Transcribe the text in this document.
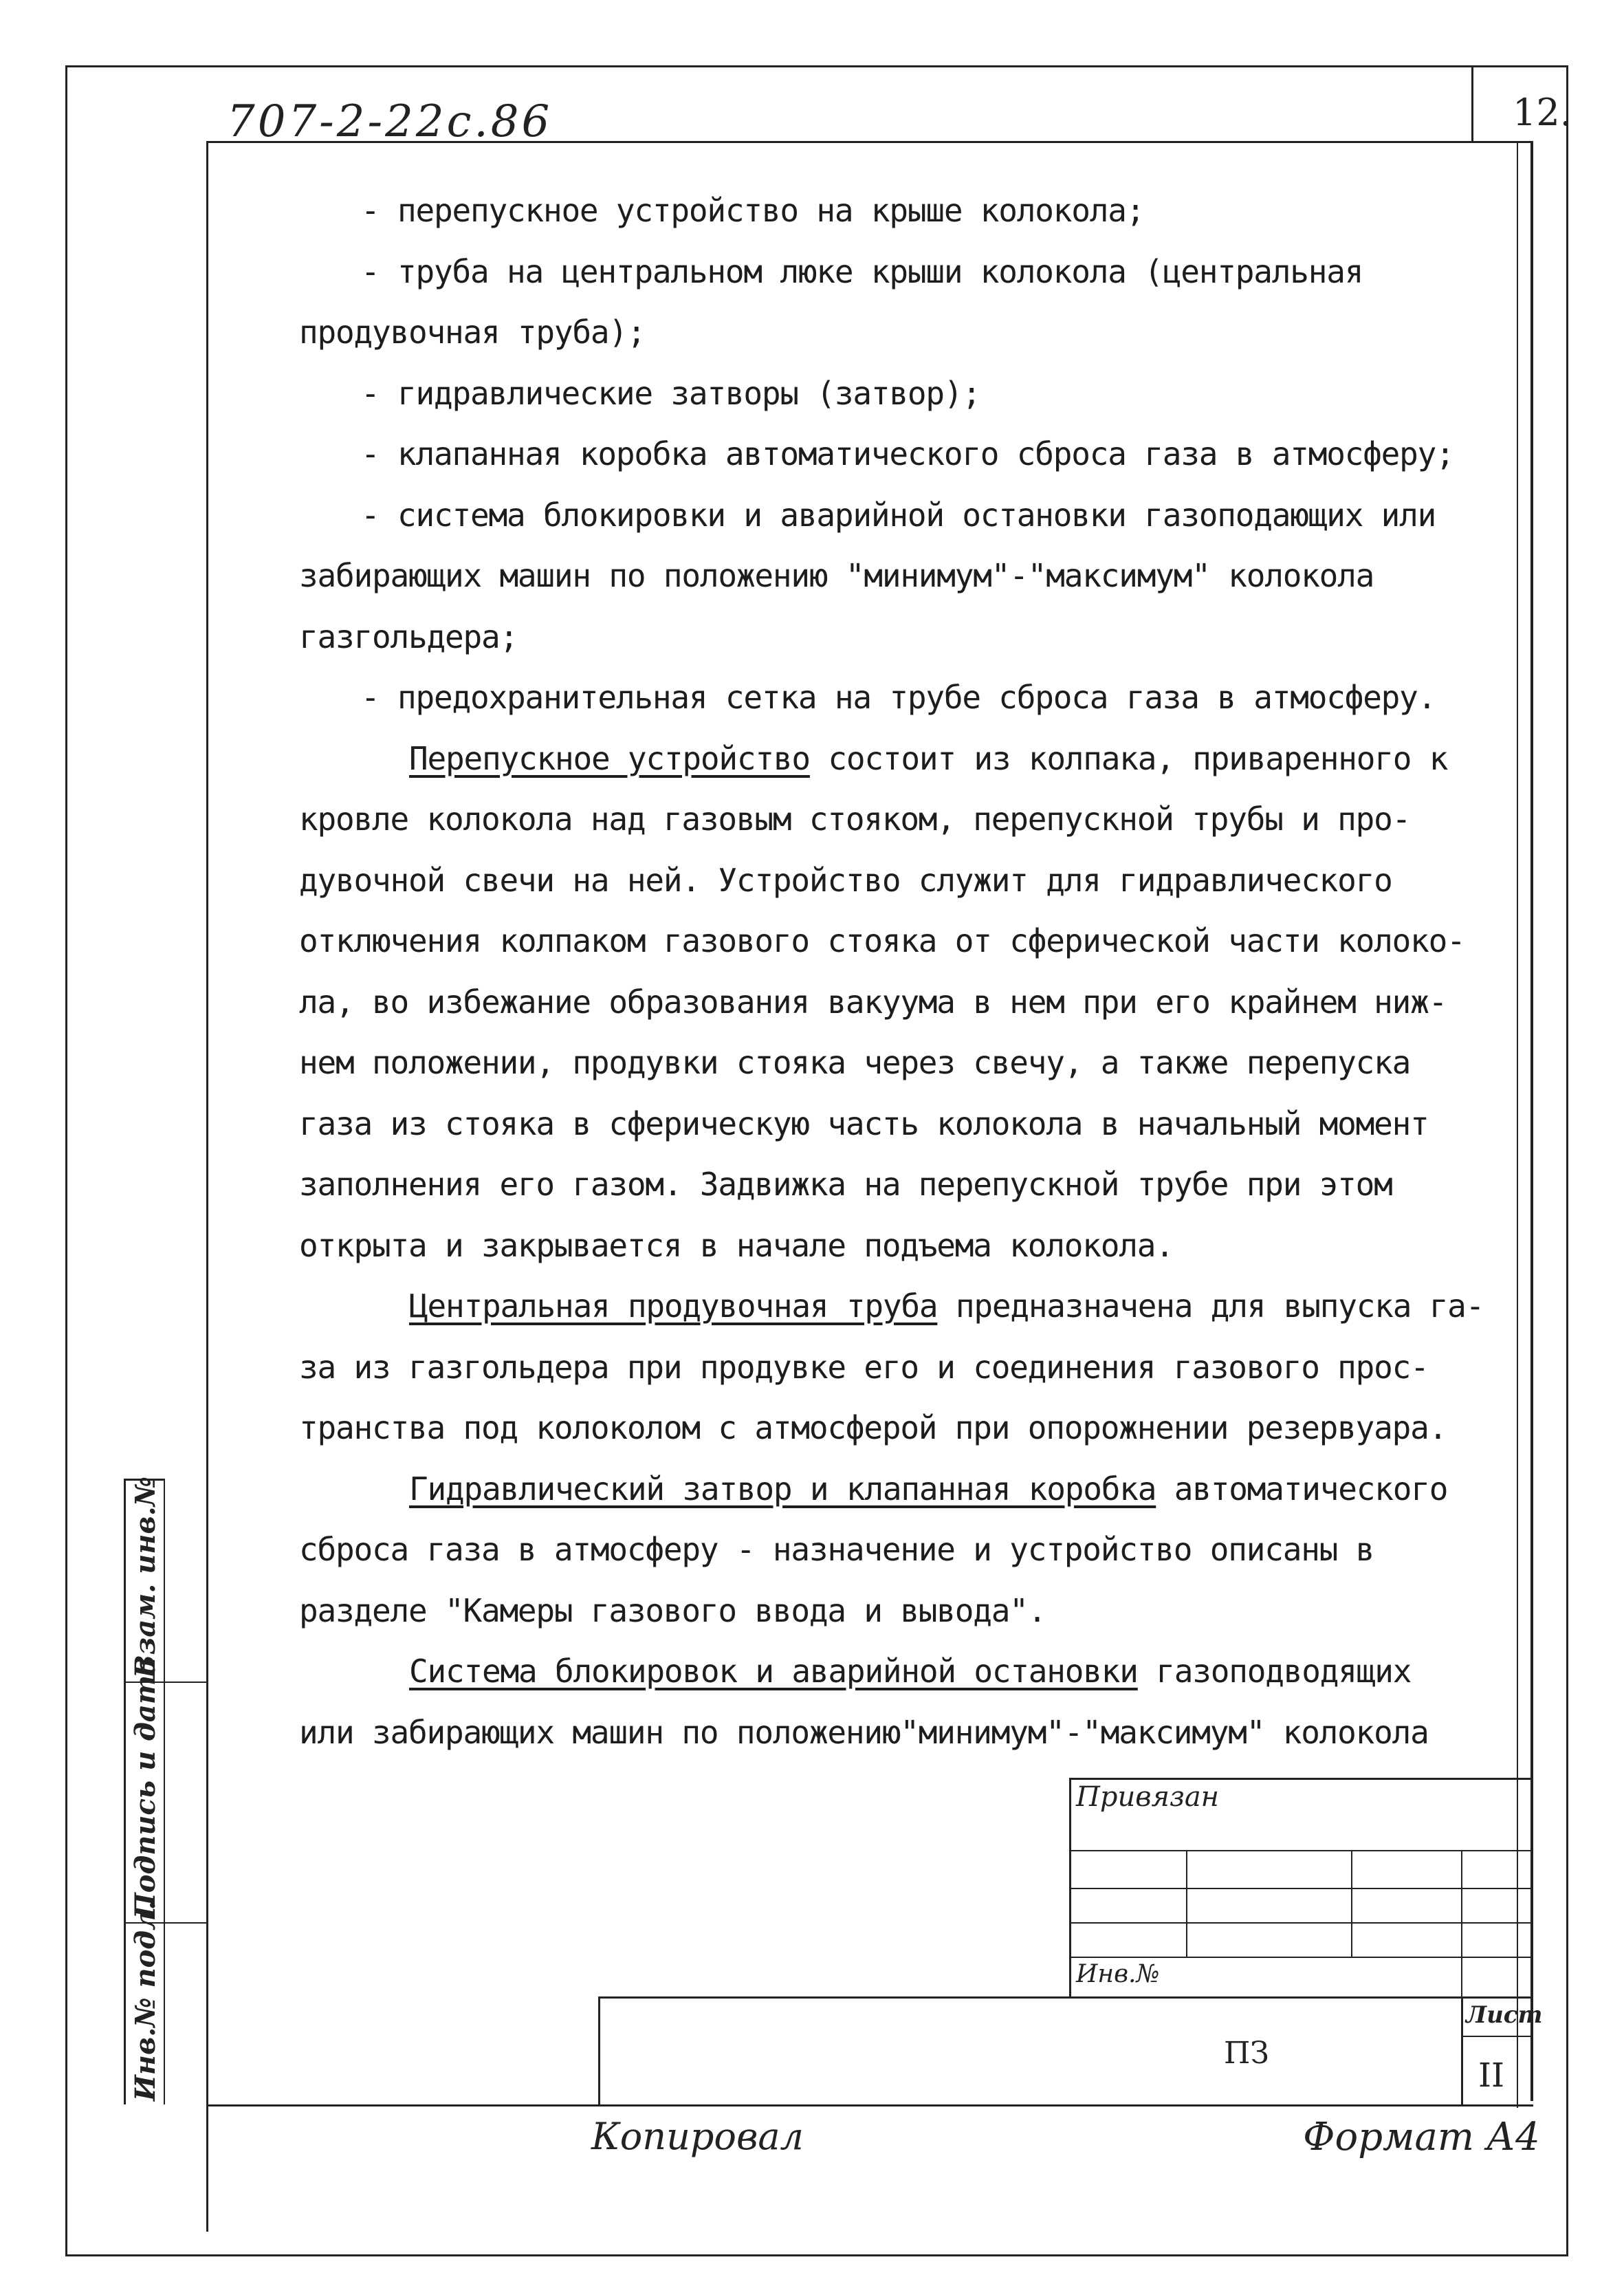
707-2-22с.86	12.
- перепускное устройство на крыше колокола;
- труба на центральном люке крыши колокола (центральная
продувочная труба);
- гидравлические затворы (затвор);
- клапанная коробка автоматического сброса газа в атмосферу;
- система блокировки и аварийной остановки газоподающих или
забирающих машин по положению "минимум"-"максимум" колокола
газгольдера;
- предохранительная сетка на трубе сброса газа в атмосферу.
Перепускное устройство состоит из колпака, приваренного к
кровле колокола над газовым стояком, перепускной трубы и про-
дувочной свечи на ней. Устройство служит для гидравлического
отключения колпаком газового стояка от сферической части колоко-
ла, во избежание образования вакуума в нем при его крайнем ниж-
нем положении, продувки стояка через свечу, а также перепуска
газа из стояка в сферическую часть колокола в начальный момент
заполнения его газом. Задвижка на перепускной трубе при этом
открыта и закрывается в начале подъема колокола.
Центральная продувочная труба предназначена для выпуска га-
за из газгольдера при продувке его и соединения газового прос-
транства под колоколом с атмосферой при опорожнении резервуара.
Гидравлический затвор и клапанная коробка автоматического
сброса газа в атмосферу - назначение и устройство описаны в
разделе "Камеры газового ввода и вывода".
Система блокировок и аварийной остановки газоподводящих
или забирающих машин по положению"минимум"-"максимум" колокола
Взам. инв.№
Подпись и дата
Инв.№ подл.
Привязан
Инв.№
ПЗ
Лист
II
Копировал	Формат А4
